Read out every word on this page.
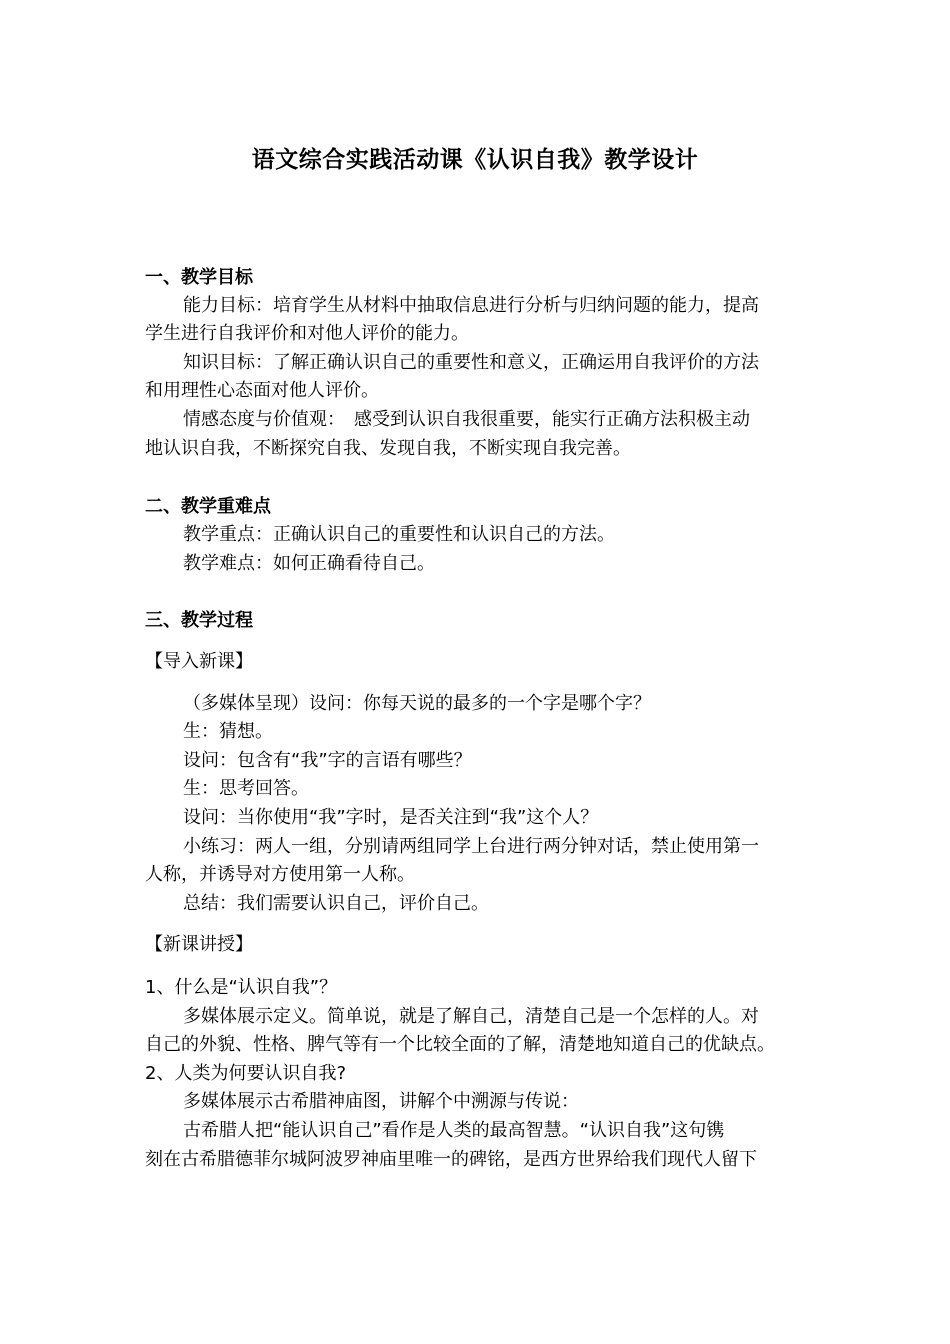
语文综合实践活动课《认识自我》教学设计
一、教学目标
能力目标：培育学生从材料中抽取信息进行分析与归纳问题的能力，提高
学生进行自我评价和对他人评价的能力。
知识目标：了解正确认识自己的重要性和意义，正确运用自我评价的方法
和用理性心态面对他人评价。
情感态度与价值观：　感受到认识自我很重要，能实行正确方法积极主动
地认识自我，不断探究自我、发现自我，不断实现自我完善。
二、教学重难点
教学重点：正确认识自己的重要性和认识自己的方法。
教学难点：如何正确看待自己。
三、教学过程
【导入新课】
（多媒体呈现）设问：你每天说的最多的一个字是哪个字？
生：猜想。
设问：包含有“我”字的言语有哪些？
生：思考回答。
设问：当你使用“我”字时，是否关注到“我”这个人？
小练习：两人一组，分别请两组同学上台进行两分钟对话，禁止使用第一
人称，并诱导对方使用第一人称。
总结：我们需要认识自己，评价自己。
【新课讲授】
1、什么是“认识自我”？
多媒体展示定义。简单说，就是了解自己，清楚自己是一个怎样的人。对
自己的外貌、性格、脾气等有一个比较全面的了解，清楚地知道自己的优缺点。
2、人类为何要认识自我?
多媒体展示古希腊神庙图，讲解个中溯源与传说：
古希腊人把“能认识自己”看作是人类的最高智慧。“认识自我”这句镌
刻在古希腊德菲尔城阿波罗神庙里唯一的碑铭，是西方世界给我们现代人留下
